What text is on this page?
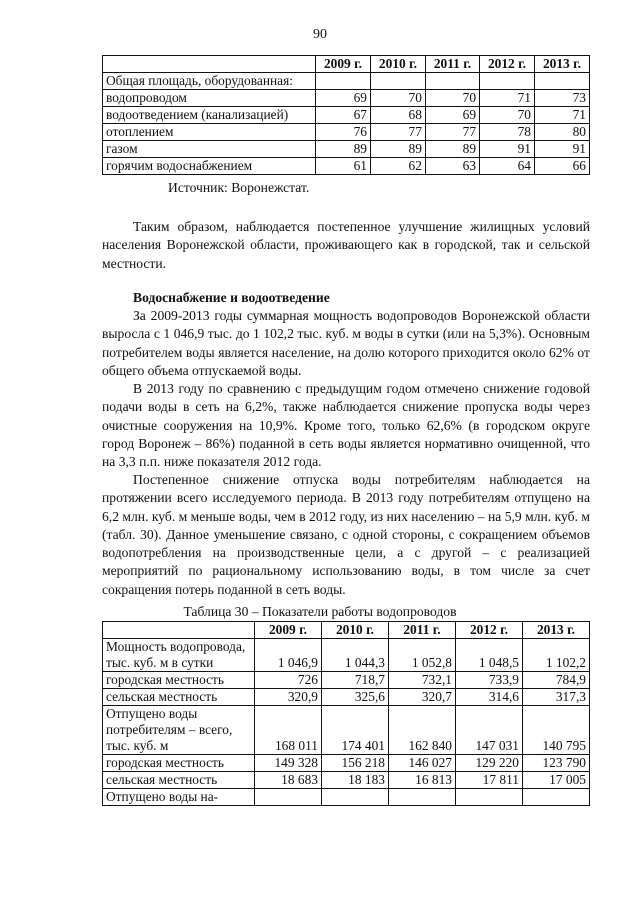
90
	2009 г.	2010 г.	2011 г.	2012 г.	2013 г.
Общая площадь, оборудованная:					
водопроводом	69	70	70	71	73
водоотведением (канализацией)	67	68	69	70	71
отоплением	76	77	77	78	80
газом	89	89	89	91	91
горячим водоснабжением	61	62	63	64	66
Источник: Воронежстат.

Таким образом, наблюдается постепенное улучшение жилищных условий населения Воронежской области, проживающего как в городской, так и сельской местности.

Водоснабжение и водоотведение

За 2009-2013 годы суммарная мощность водопроводов Воронежской области выросла с 1 046,9 тыс. до 1 102,2 тыс. куб. м воды в сутки (или на 5,3%). Основным потребителем воды является население, на долю которого приходится около 62% от общего объема отпускаемой воды.

В 2013 году по сравнению с предыдущим годом отмечено снижение годовой подачи воды в сеть на 6,2%, также наблюдается снижение пропуска воды через очистные сооружения на 10,9%. Кроме того, только 62,6% (в городском округе город Воронеж – 86%) поданной в сеть воды является нормативно очищенной, что на 3,3 п.п. ниже показателя 2012 года.

Постепенное снижение отпуска воды потребителям наблюдается на протяжении всего исследуемого периода. В 2013 году потребителям отпущено на 6,2 млн. куб. м меньше воды, чем в 2012 году, из них населению – на 5,9 млн. куб. м (табл. 30). Данное уменьшение связано, с одной стороны, с сокращением объемов водопотребления на производственные цели, а с другой – с реализацией мероприятий по рациональному использованию воды, в том числе за счет сокращения потерь поданной в сеть воды.

Таблица 30 – Показатели работы водопроводов
	2009 г.	2010 г.	2011 г.	2012 г.	2013 г.
Мощность водопровода, тыс. куб. м в сутки	1 046,9	1 044,3	1 052,8	1 048,5	1 102,2
городская местность	726	718,7	732,1	733,9	784,9
сельская местность	320,9	325,6	320,7	314,6	317,3
Отпущено воды потребителям – всего, тыс. куб. м	168 011	174 401	162 840	147 031	140 795
городская местность	149 328	156 218	146 027	129 220	123 790
сельская местность	18 683	18 183	16 813	17 811	17 005
Отпущено воды на-					
